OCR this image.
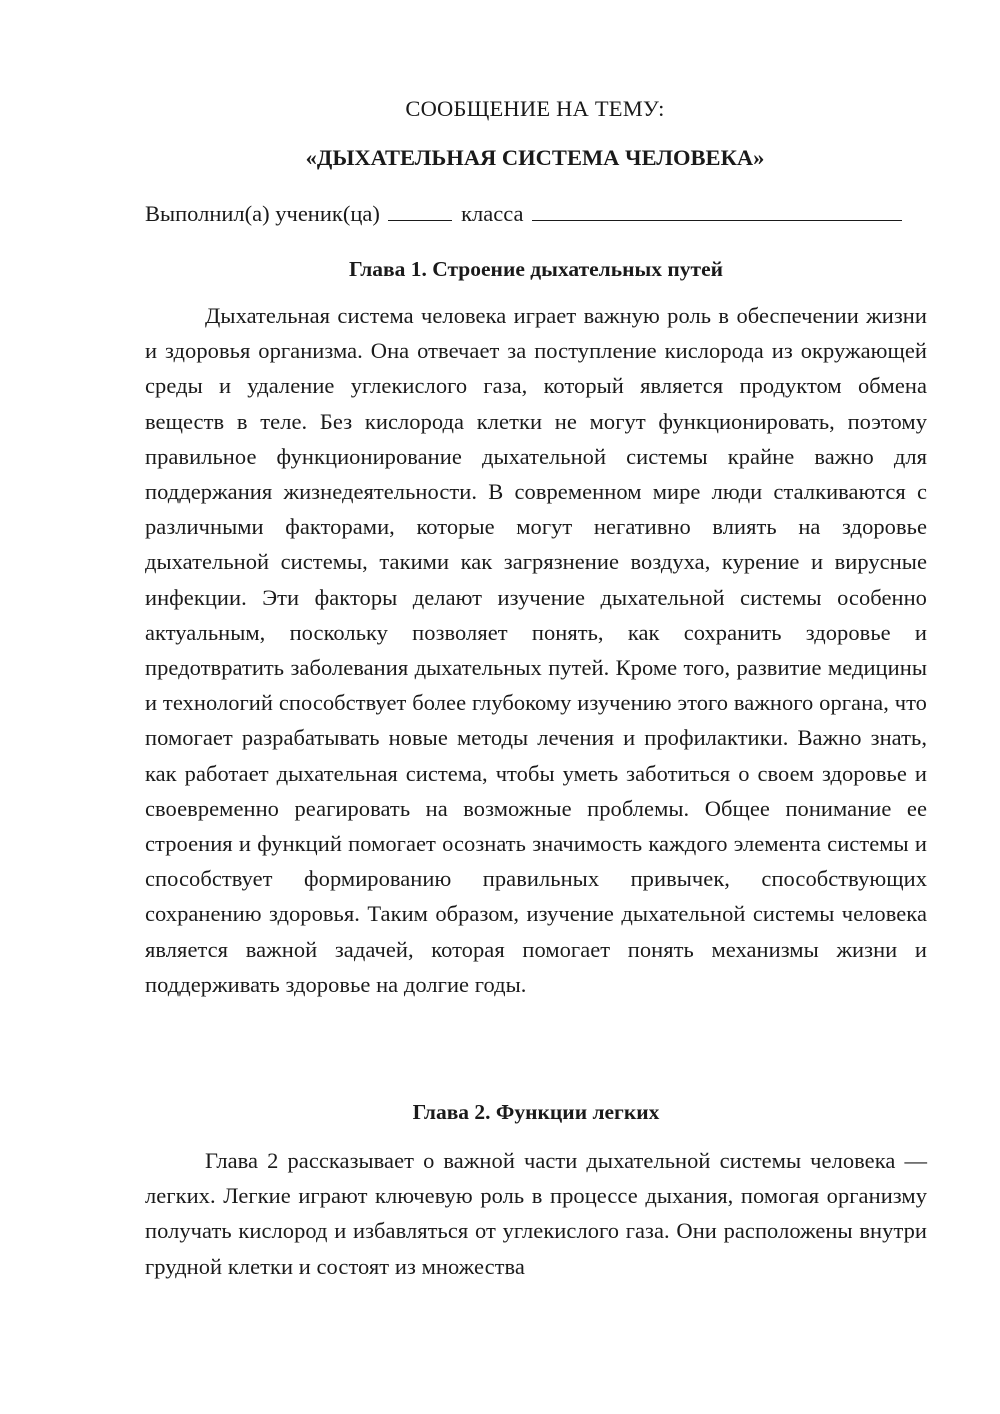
СООБЩЕНИЕ НА ТЕМУ:
«ДЫХАТЕЛЬНАЯ СИСТЕМА ЧЕЛОВЕКА»
Выполнил(а) ученик(ца)	класса
Глава 1. Строение дыхательных путей

Дыхательная система человека играет важную роль в обеспечении жизни и здоровья организма. Она отвечает за поступление кислорода из окружающей среды и удаление углекислого газа, который является продуктом обмена веществ в теле. Без кислорода клетки не могут функционировать, поэтому правильное функционирование дыхательной системы крайне важно для поддержания жизнедеятельности. В современном мире люди сталкиваются с различными факторами, которые могут негативно влиять на здоровье дыхательной системы, такими как загрязнение воздуха, курение и вирусные инфекции. Эти факторы делают изучение дыхательной системы особенно актуальным, поскольку позволяет понять, как сохранить здоровье и предотвратить заболевания дыхательных путей. Кроме того, развитие медицины и технологий способствует более глубокому изучению этого важного органа, что помогает разрабатывать новые методы лечения и профилактики. Важно знать, как работает дыхательная система, чтобы уметь заботиться о своем здоровье и своевременно реагировать на возможные проблемы. Общее понимание ее строения и функций помогает осознать значимость каждого элемента системы и способствует формированию правильных привычек, способствующих сохранению здоровья. Таким образом, изучение дыхательной системы человека является важной задачей, которая помогает понять механизмы жизни и поддерживать здоровье на долгие годы.

Глава 2. Функции легких

Глава 2 рассказывает о важной части дыхательной системы человека — легких. Легкие играют ключевую роль в процессе дыхания, помогая организму получать кислород и избавляться от углекислого газа. Они расположены внутри грудной клетки и состоят из множества
